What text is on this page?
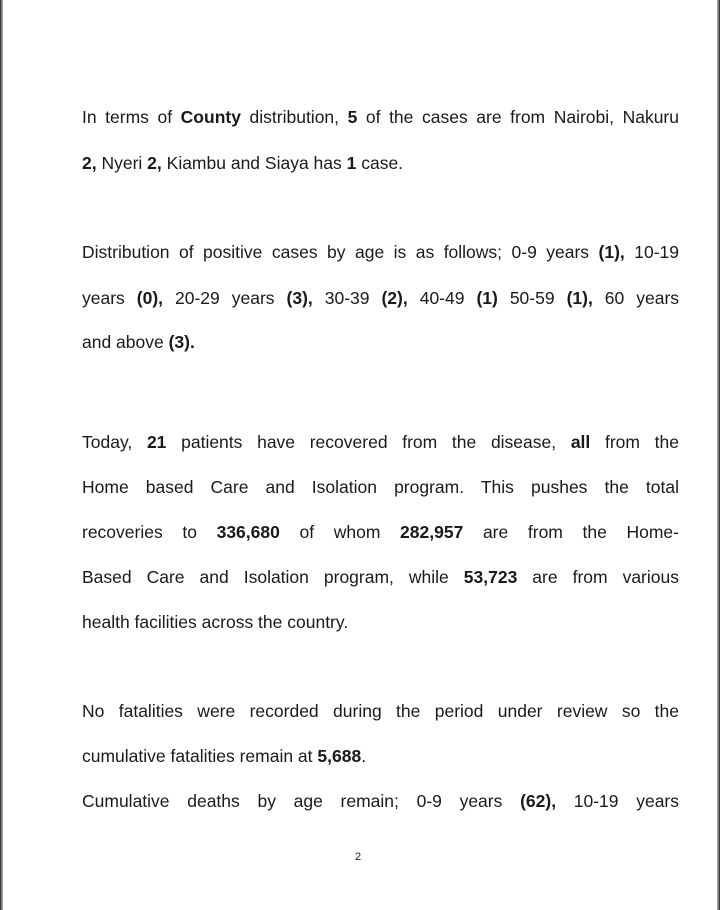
In terms of County distribution, 5 of the cases are from Nairobi, Nakuru
2, Nyeri 2, Kiambu and Siaya has 1 case.
Distribution of positive cases by age is as follows; 0-9 years (1), 10-19
years (0), 20-29 years (3), 30-39 (2), 40-49 (1) 50-59 (1), 60 years
and above (3).
Today, 21 patients have recovered from the disease, all from the
Home based Care and Isolation program. This pushes the total
recoveries to 336,680 of whom 282,957 are from the Home-
Based Care and Isolation program, while 53,723 are from various
health facilities across the country.
No fatalities were recorded during the period under review so the
cumulative fatalities remain at 5,688.
Cumulative deaths by age remain; 0-9 years (62), 10-19 years
2
